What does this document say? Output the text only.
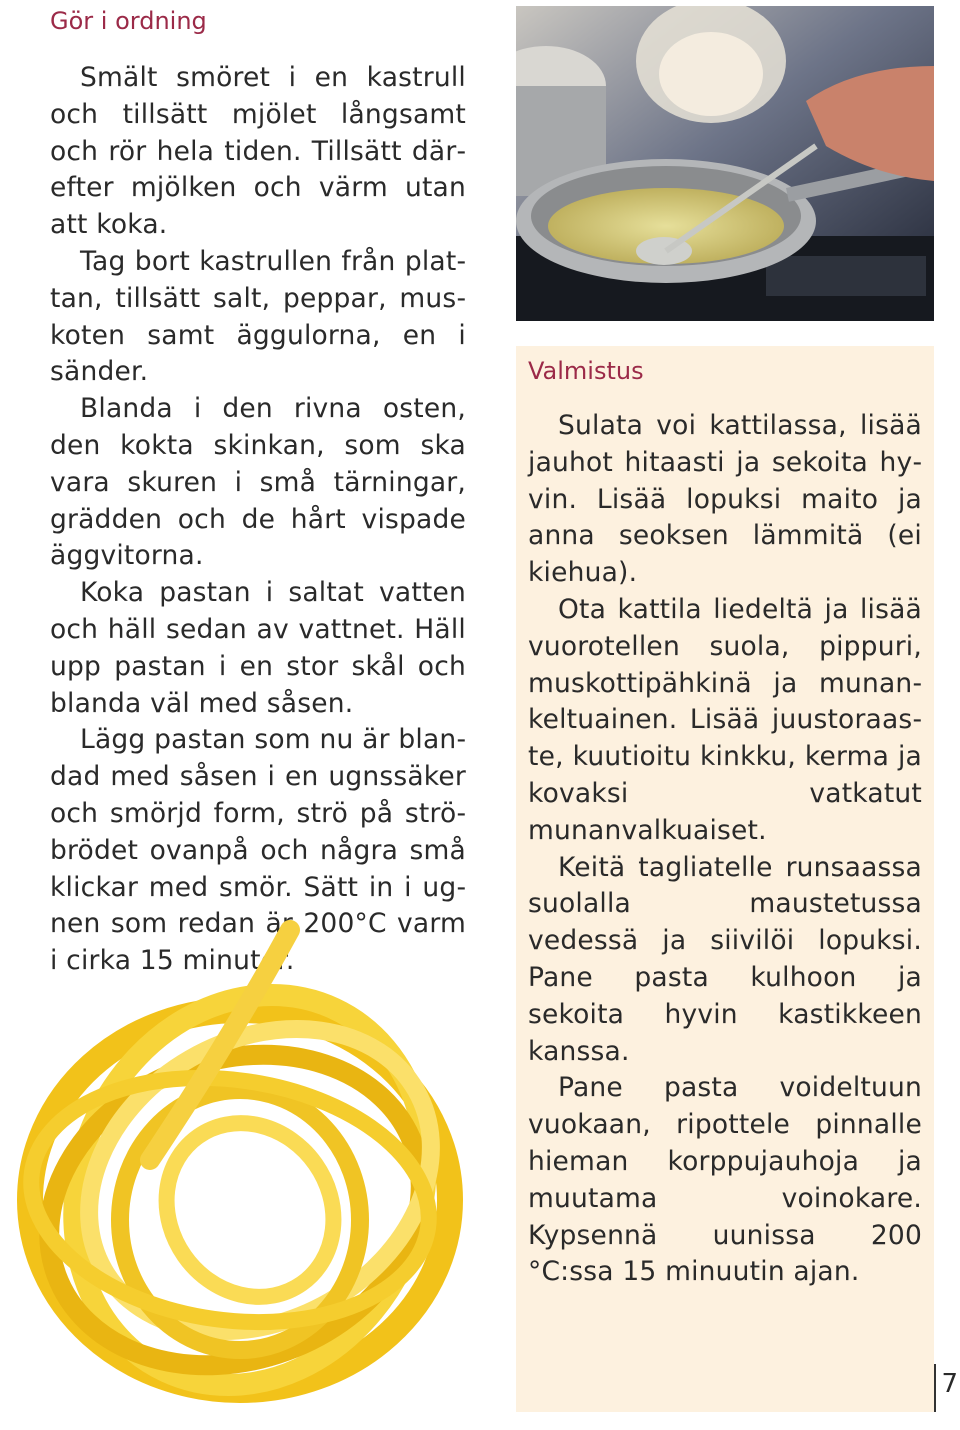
Gör i ordning

Smält smöret i en kastrull och tillsätt mjölet långsamt och rör hela tiden. Tillsätt därefter mjölken och värm utan att koka.

Tag bort kastrullen från plattan, tillsätt salt, peppar, muskoten samt äggulorna, en i sänder.

Blanda i den rivna osten, den kokta skinkan, som ska vara skuren i små tärningar, grädden och de hårt vispade äggvitorna.

Koka pastan i saltat vatten och häll sedan av vattnet. Häll upp pastan i en stor skål och blanda väl med såsen.

Lägg pastan som nu är blandad med såsen i en ugnssäker och smörjd form, strö på ströbrödet ovanpå och några små klickar med smör. Sätt in i ugnen som redan är 200°C varm i cirka 15 minuter.

Valmistus

Sulata voi kattilassa, lisää jauhot hitaasti ja sekoita hyvin. Lisää lopuksi maito ja anna seoksen lämmitä (ei kiehua).

Ota kattila liedeltä ja lisää vuorotellen suola, pippuri, muskottipähkinä ja munankeltuainen. Lisää juustoraaste, kuutioitu kinkku, kerma ja kovaksi vatkatut munanvalkuaiset.

Keitä tagliatelle runsaassa suolalla maustetussa vedessä ja siivilöi lopuksi. Pane pasta kulhoon ja sekoita hyvin kastikkeen kanssa.

Pane pasta voideltuun vuokaan, ripottele pinnalle hieman korppujauhoja ja muutama voinokare. Kypsennä uunissa 200 °C:ssa 15 minuutin ajan.

7
